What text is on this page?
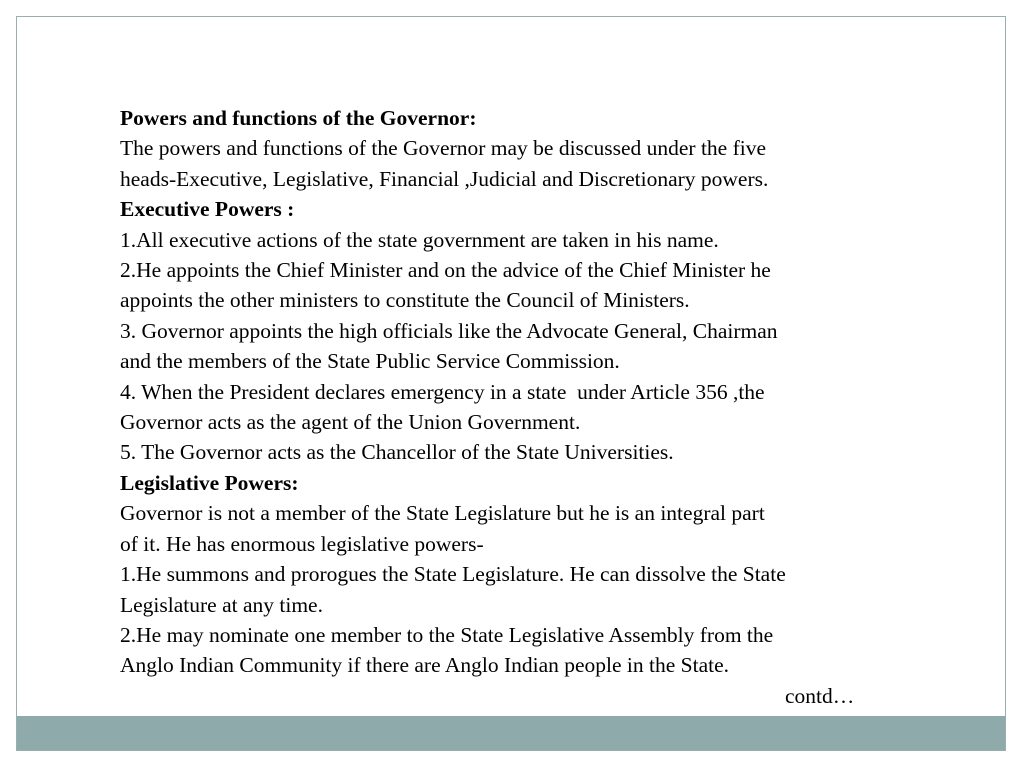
Powers and functions of the Governor:
The powers and functions of the Governor may be discussed under the five
heads-Executive, Legislative, Financial ,Judicial and Discretionary powers.
Executive Powers :
1.All executive actions of the state government are taken in his name.
2.He appoints the Chief Minister and on the advice of the Chief Minister he
appoints the other ministers to constitute the Council of Ministers.
3. Governor appoints the high officials like the Advocate General, Chairman
and the members of the State Public Service Commission.
4. When the President declares emergency in a state  under Article 356 ,the
Governor acts as the agent of the Union Government.
5. The Governor acts as the Chancellor of the State Universities.
Legislative Powers:
Governor is not a member of the State Legislature but he is an integral part
of it. He has enormous legislative powers-
1.He summons and prorogues the State Legislature. He can dissolve the State
Legislature at any time.
2.He may nominate one member to the State Legislative Assembly from the
Anglo Indian Community if there are Anglo Indian people in the State.
contd…
